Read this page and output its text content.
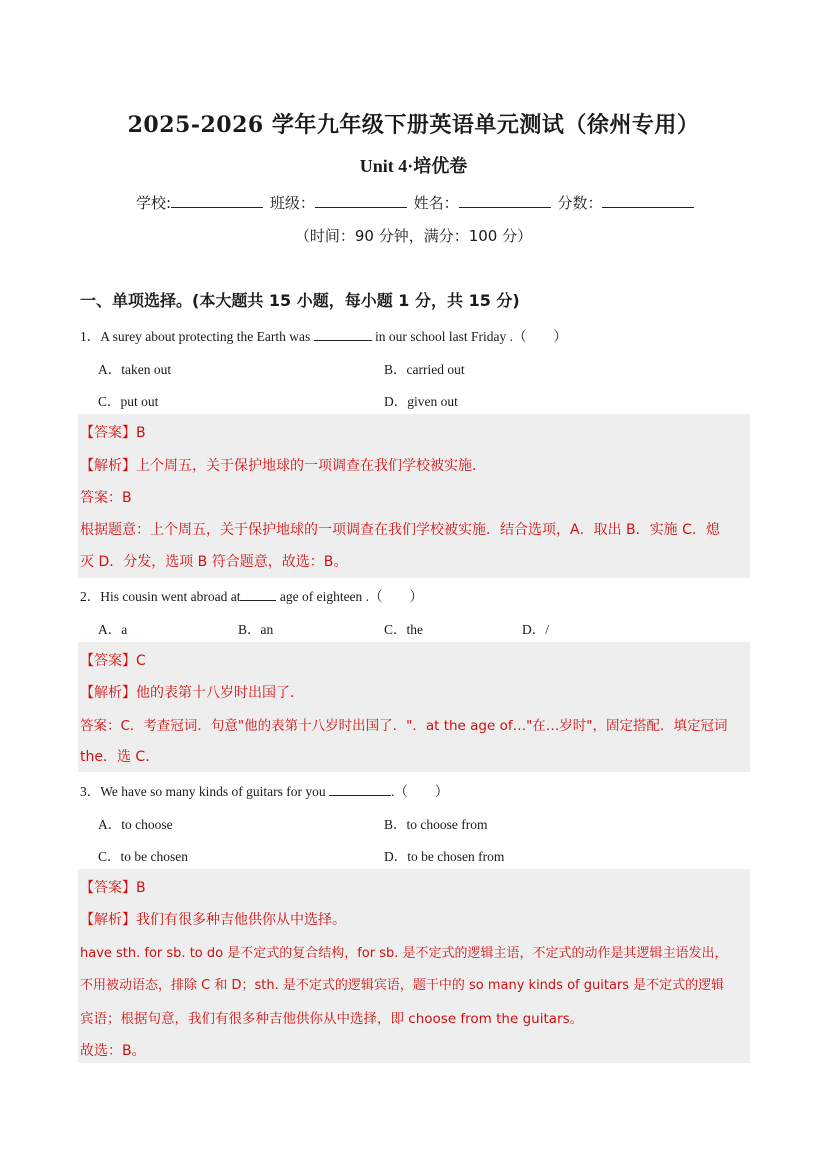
2025-2026 学年九年级下册英语单元测试（徐州专用）
Unit 4·培优卷
学校:	班级：	姓名：	分数：
（时间：90 分钟，满分：100 分）
一、单项选择。(本大题共 15 小题，每小题 1 分，共 15 分)
1．A surey about protecting the Earth was	in our school last Friday .（　　）
A．taken out	B．carried out
C．put out	D．given out
【答案】B
【解析】上个周五，关于保护地球的一项调查在我们学校被实施．
答案：B
根据题意：上个周五，关于保护地球的一项调查在我们学校被实施．结合选项，A．取出 B．实施 C．熄
灭 D．分发，选项 B 符合题意，故选：B。
2．His cousin went abroad at	age of eighteen .（　　）
A．a	B．an	C．the	D．/
【答案】C
【解析】他的表第十八岁时出国了．
答案：C．考查冠词．句意"他的表第十八岁时出国了．"．at the age of…"在…岁时"，固定搭配．填定冠词
the．选 C．
3．We have so many kinds of guitars for you	.（　　）
A．to choose	B．to choose from
C．to be chosen	D．to be chosen from
【答案】B
【解析】我们有很多种吉他供你从中选择。
have sth. for sb. to do 是不定式的复合结构，for sb. 是不定式的逻辑主语，不定式的动作是其逻辑主语发出，
不用被动语态，排除 C 和 D；sth. 是不定式的逻辑宾语，题干中的 so many kinds of guitars 是不定式的逻辑
宾语；根据句意，我们有很多种吉他供你从中选择，即 choose from the guitars。
故选：B。
